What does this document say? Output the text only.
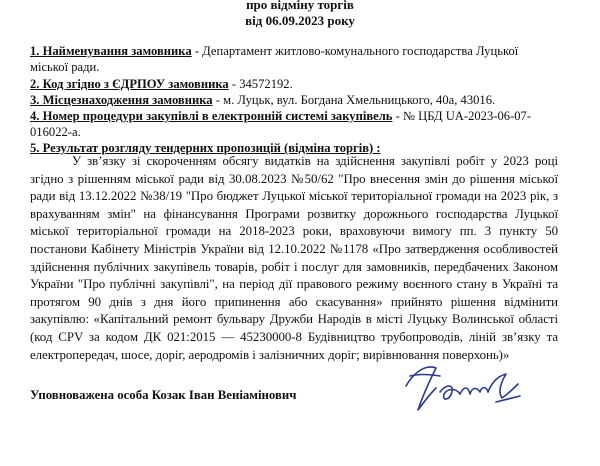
про відміну торгів
від 06.09.2023 року
1. Найменування замовника - Департамент житлово-комунального господарства Луцької міської ради.
2. Код згідно з ЄДРПОУ замовника - 34572192.
3. Місцезнаходження замовника - м. Луцьк, вул. Богдана Хмельницького, 40а, 43016.
4. Номер процедури закупівлі в електронній системі закупівель - № ЦБД UA-2023-06-07-016022-а.
5. Результат розгляду тендерних пропозицій (відміна торгів) :
У зв’язку зі скороченням обсягу видатків на здійснення закупівлі робіт у 2023 році згідно з рішенням міської ради від 30.08.2023 №50/62 "Про внесення змін до рішення міської ради від 13.12.2022 №38/19 "Про бюджет Луцької міської територіальної громади на 2023 рік, з врахуванням змін" на фінансування Програми розвитку дорожнього господарства Луцької міської територіальної громади на 2018-2023 роки, враховуючи вимогу пп. 3 пункту 50 постанови Кабінету Міністрів України від 12.10.2022 №1178 «Про затвердження особливостей здійснення публічних закупівель товарів, робіт і послуг для замовників, передбачених Законом України "Про публічні закупівлі", на період дії правового режиму воєнного стану в Україні та протягом 90 днів з дня його припинення або скасування» прийнято рішення відмінити закупівлю: «Капітальний ремонт бульвару Дружби Народів в місті Луцьку Волинської області (код CPV за кодом ДК 021:2015 — 45230000-8 Будівництво трубопроводів, ліній зв’язку та електропередач, шосе, доріг, аеродромів і залізничних доріг; вирівнювання поверхонь)»
Уповноважена особа Козак Іван Веніамінович
